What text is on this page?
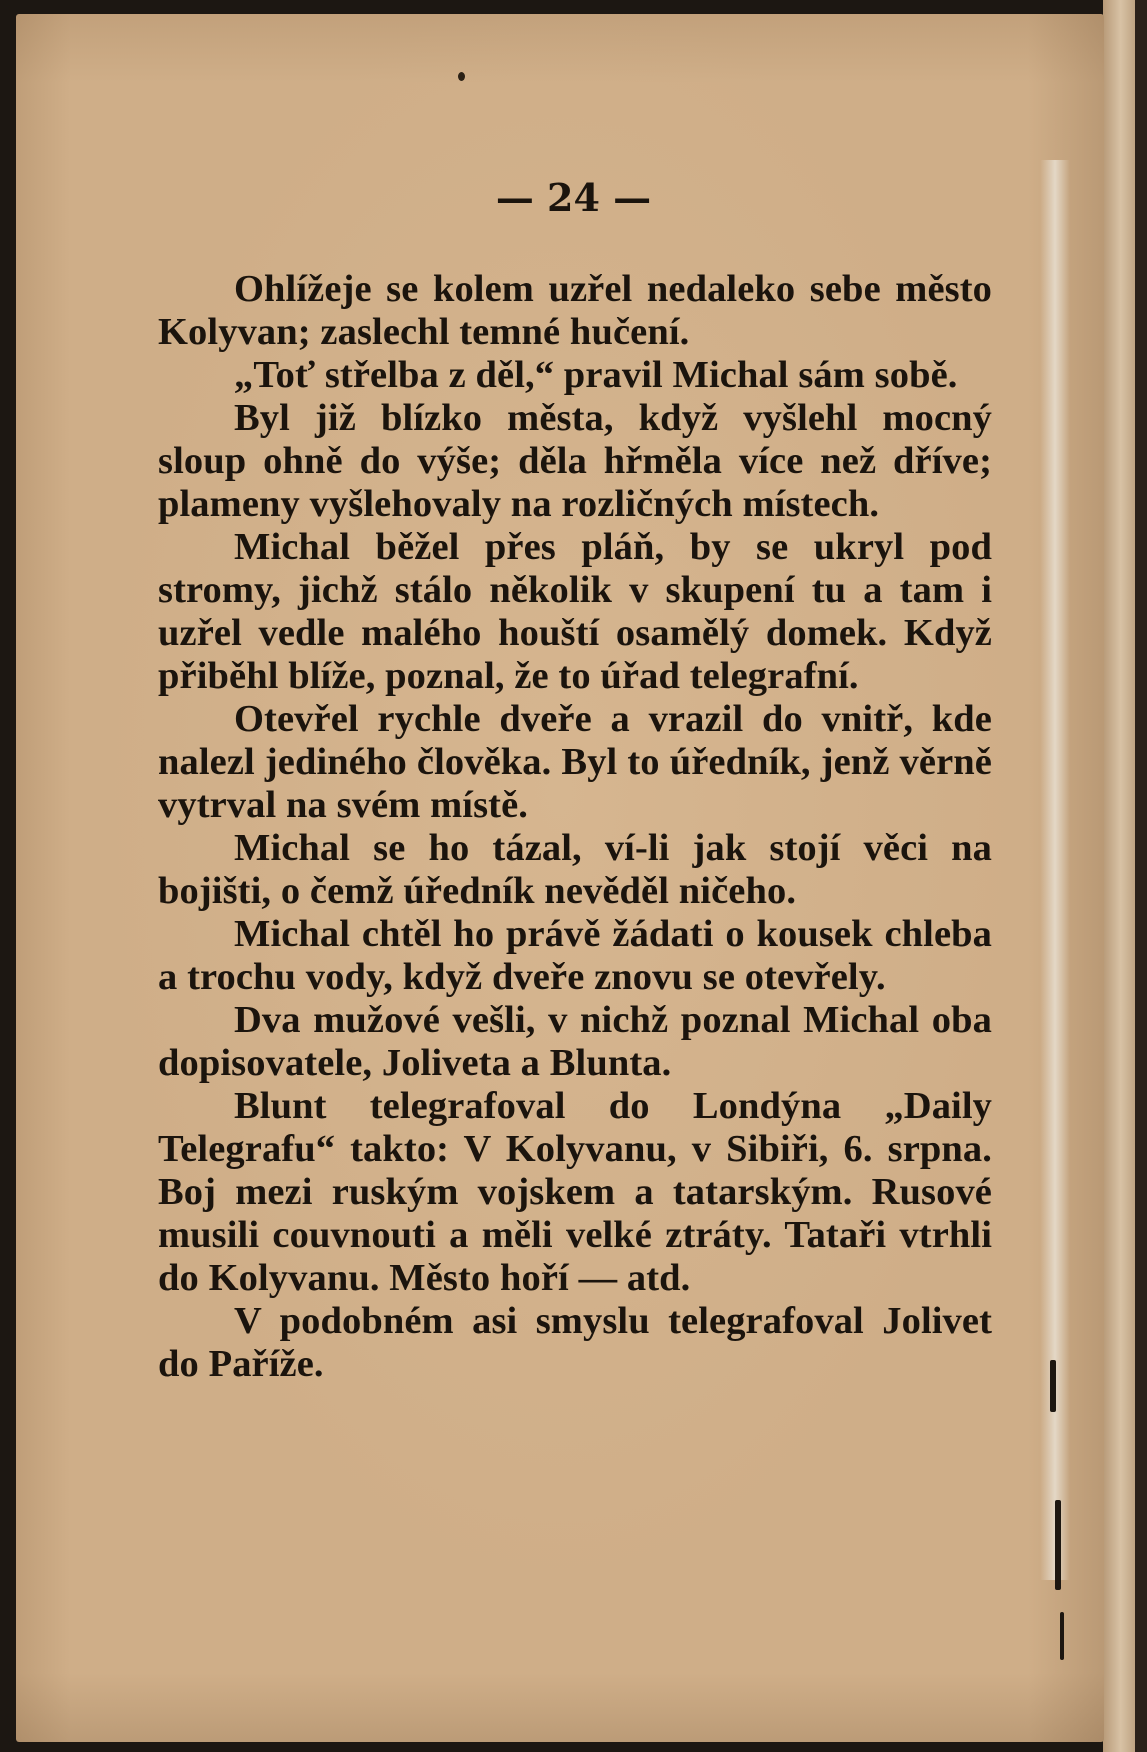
— 24 —

Ohlížeje se kolem uzřel nedaleko sebe město Kolyvan; zaslechl temné hučení.

„Toť střelba z děl,“ pravil Michal sám sobě.

Byl již blízko města, když vyšlehl mocný sloup ohně do výše; děla hřměla více než dříve; plameny vyšlehovaly na rozličných místech.

Michal běžel přes pláň, by se ukryl pod stromy, jichž stálo několik v skupení tu a tam i uzřel vedle malého houští osamělý domek. Když přiběhl blíže, poznal, že to úřad telegrafní.

Otevřel rychle dveře a vrazil do vnitř, kde nalezl jediného člověka. Byl to úředník, jenž věrně vytrval na svém místě.

Michal se ho tázal, ví-li jak stojí věci na bojišti, o čemž úředník nevěděl ničeho.

Michal chtěl ho právě žádati o kousek chleba a trochu vody, když dveře znovu se otevřely.

Dva mužové vešli, v nichž poznal Michal oba dopisovatele, Joliveta a Blunta.

Blunt telegrafoval do Londýna „Daily Telegrafu“ takto: V Kolyvanu, v Sibiři, 6. srpna. Boj mezi ruským vojskem a tatarským. Rusové musili couvnouti a měli velké ztráty. Tataři vtrhli do Kolyvanu. Město hoří — atd.

V podobném asi smyslu telegrafoval Jolivet do Paříže.
